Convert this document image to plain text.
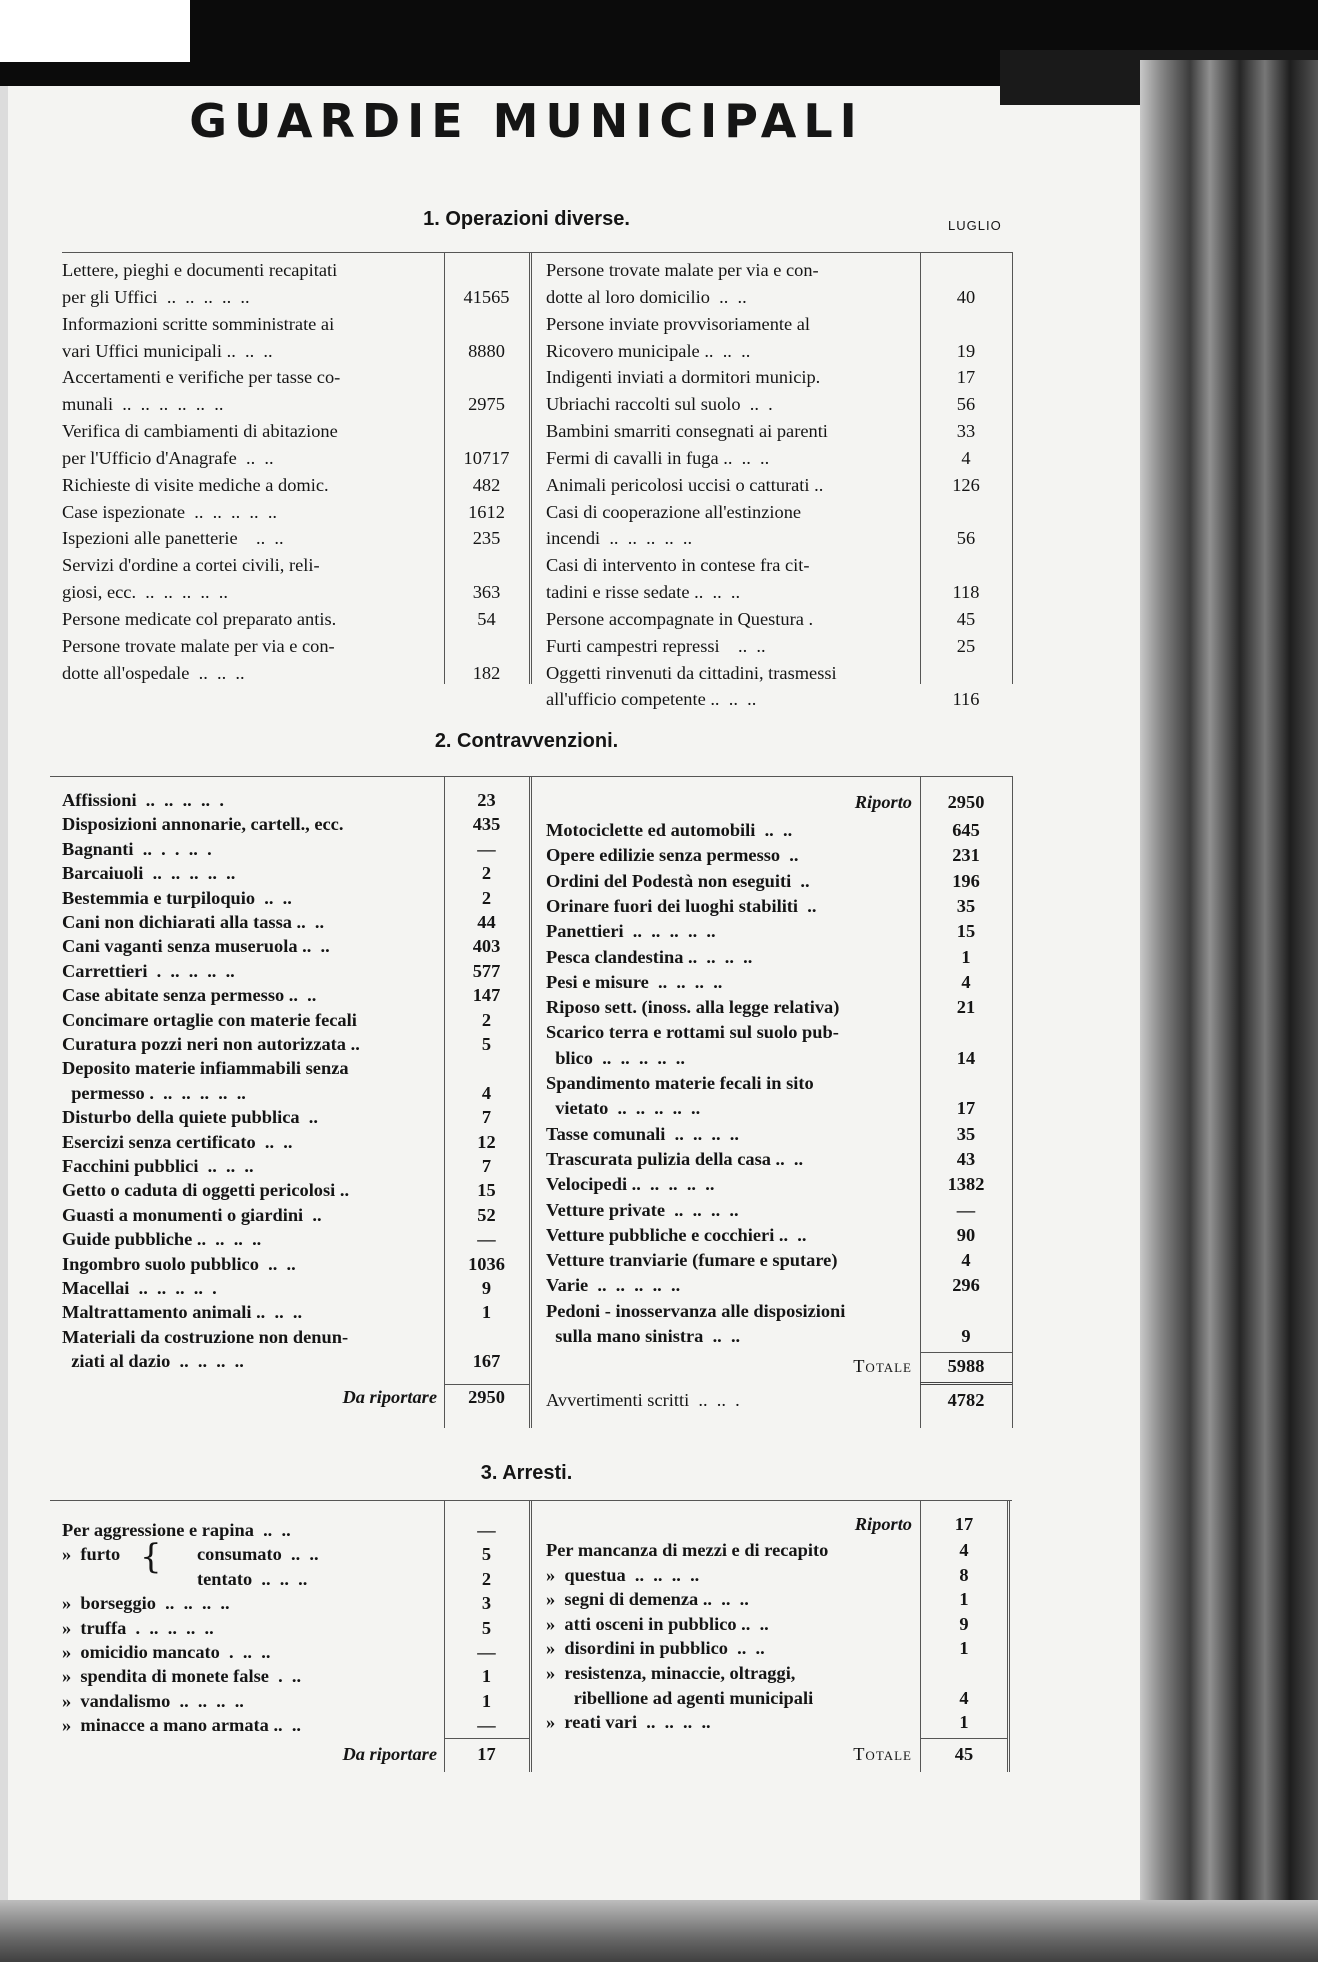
GUARDIE MUNICIPALI
1. Operazioni diverse.	LUGLIO
Lettere, pieghi e documenti recapitati
per gli Uffici  ..  ..  ..  ..  ..	41565
Informazioni scritte somministrate ai
vari Uffici municipali ..  ..  ..	8880
Accertamenti e verifiche per tasse co-
munali  ..  ..  ..  ..  ..  ..	2975
Verifica di cambiamenti di abitazione
per l'Ufficio d'Anagrafe  ..  ..	10717
Richieste di visite mediche a domic.	482
Case ispezionate  ..  ..  ..  ..  ..	1612
Ispezioni alle panetterie    ..  ..	235
Servizi d'ordine a cortei civili, reli-
giosi, ecc.  ..  ..  ..  ..  ..	363
Persone medicate col preparato antis.	54
Persone trovate malate per via e con-
dotte all'ospedale  ..  ..  ..	182
Persone trovate malate per via e con-
dotte al loro domicilio  ..  ..	40
Persone inviate provvisoriamente al
Ricovero municipale ..  ..  ..	19
Indigenti inviati a dormitori municip.	17
Ubriachi raccolti sul suolo  ..  .	56
Bambini smarriti consegnati ai parenti	33
Fermi di cavalli in fuga ..  ..  ..	4
Animali pericolosi uccisi o catturati ..	126
Casi di cooperazione all'estinzione
incendi  ..  ..  ..  ..  ..	56
Casi di intervento in contese fra cit-
tadini e risse sedate ..  ..  ..	118
Persone accompagnate in Questura .	45
Furti campestri repressi    ..  ..	25
Oggetti rinvenuti da cittadini, trasmessi
all'ufficio competente ..  ..  ..	116
2. Contravvenzioni.
Affissioni  ..  ..  ..  ..  .	23
Disposizioni annonarie, cartell., ecc.	435
Bagnanti  ..  .  .  ..  .	—
Barcaiuoli  ..  ..  ..  ..  ..	2
Bestemmia e turpiloquio  ..  ..	2
Cani non dichiarati alla tassa ..  ..	44
Cani vaganti senza museruola ..  ..	403
Carrettieri  .  ..  ..  ..  ..	577
Case abitate senza permesso ..  ..	147
Concimare ortaglie con materie fecali	2
Curatura pozzi neri non autorizzata ..	5
Deposito materie infiammabili senza
permesso .  ..  ..  ..  ..  ..	4
Disturbo della quiete pubblica  ..	7
Esercizi senza certificato  ..  ..	12
Facchini pubblici  ..  ..  ..	7
Getto o caduta di oggetti pericolosi ..	15
Guasti a monumenti o giardini  ..	52
Guide pubbliche ..  ..  ..  ..	—
Ingombro suolo pubblico  ..  ..	1036
Macellai  ..  ..  ..  ..  .	9
Maltrattamento animali ..  ..  ..	1
Materiali da costruzione non denun-
ziati al dazio  ..  ..  ..  ..	167
Motociclette ed automobili  ..  ..	645
Opere edilizie senza permesso  ..	231
Ordini del Podestà non eseguiti  ..	196
Orinare fuori dei luoghi stabiliti  ..	35
Panettieri  ..  ..  ..  ..  ..	15
Pesca clandestina ..  ..  ..  ..	1
Pesi e misure  ..  ..  ..  ..	4
Riposo sett. (inoss. alla legge relativa)	21
Scarico terra e rottami sul suolo pub-
blico  ..  ..  ..  ..  ..	14
Spandimento materie fecali in sito
vietato  ..  ..  ..  ..  ..	17
Tasse comunali  ..  ..  ..  ..	35
Trascurata pulizia della casa ..  ..	43
Velocipedi ..  ..  ..  ..  ..	1382
Vetture private  ..  ..  ..  ..	—
Vetture pubbliche e cocchieri ..  ..	90
Vetture tranviarie (fumare e sputare)	4
Varie  ..  ..  ..  ..  ..	296
Pedoni - inosservanza alle disposizioni
sulla mano sinistra  ..  ..	9
Da riportare	2950
Riporto	2950
Totale	5988
Avvertimenti scritti  ..  ..  .	4782
3. Arresti.
Per aggressione e rapina  ..  ..	—
»  furto	consumato  ..  ..	5
tentato  ..  ..  ..	2
»  borseggio  ..  ..  ..  ..	3
»  truffa  .  ..  ..  ..  ..	5
»  omicidio mancato  .  ..  ..	—
»  spendita di monete false  .  ..	1
»  vandalismo  ..  ..  ..  ..	1
»  minacce a mano armata ..  ..	—
Per mancanza di mezzi e di recapito	4
»  questua  ..  ..  ..  ..	8
»  segni di demenza ..  ..  ..	1
»  atti osceni in pubblico ..  ..	9
»  disordini in pubblico  ..  ..	1
»  resistenza, minaccie, oltraggi,
ribellione ad agenti municipali	4
»  reati vari  ..  ..  ..  ..	1
{
Da riportare	17
Riporto	17
Totale	45
